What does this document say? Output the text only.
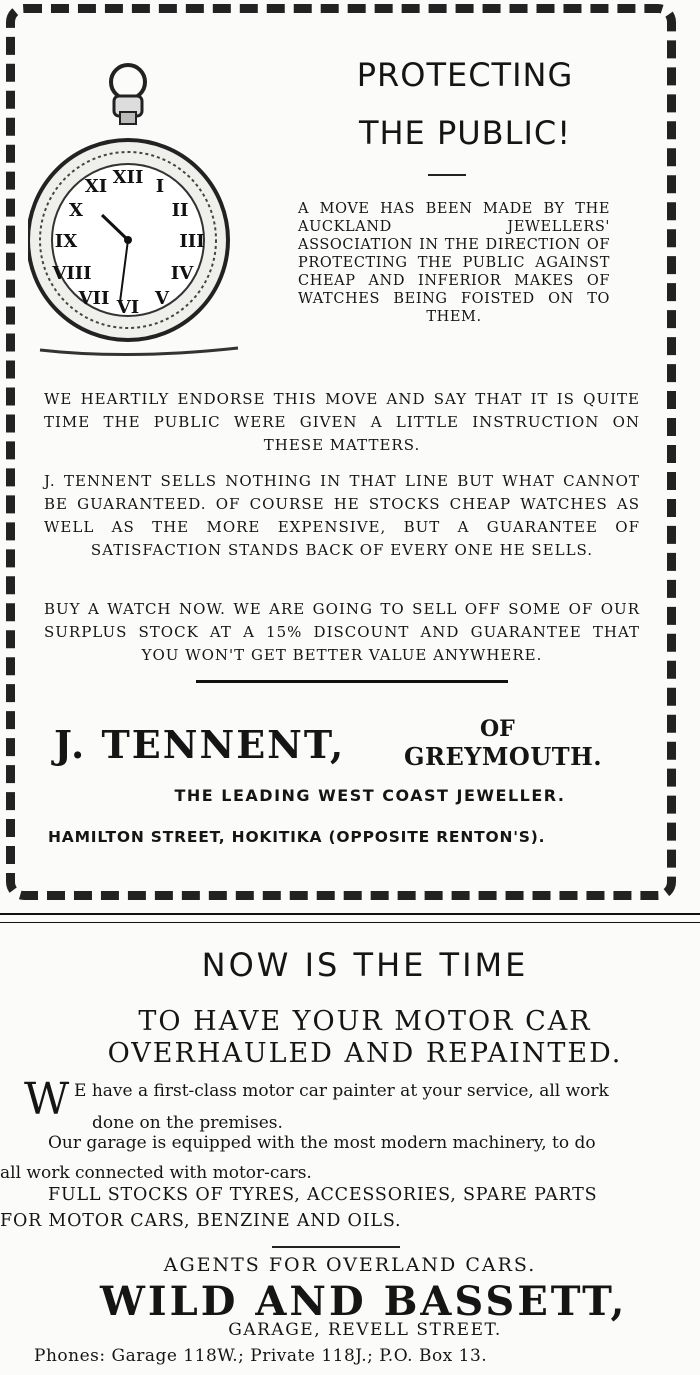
XII I
II
III
IV
V
VI
VII
VIII
IX
X
XI
PROTECTING
THE PUBLIC!

A MOVE HAS BEEN MADE BY THE AUCKLAND JEWELLERS' ASSOCIATION IN THE DIRECTION OF PROTECTING THE PUBLIC AGAINST CHEAP AND INFERIOR MAKES OF WATCHES BEING FOISTED ON TO THEM.

WE HEARTILY ENDORSE THIS MOVE AND SAY THAT IT IS QUITE TIME THE PUBLIC WERE GIVEN A LITTLE INSTRUCTION ON THESE MATTERS.

J. TENNENT SELLS NOTHING IN THAT LINE BUT WHAT CANNOT BE GUARANTEED. OF COURSE HE STOCKS CHEAP WATCHES AS WELL AS THE MORE EXPENSIVE, BUT A GUARANTEE OF SATISFACTION STANDS BACK OF EVERY ONE HE SELLS.

BUY A WATCH NOW. WE ARE GOING TO SELL OFF SOME OF OUR SURPLUS STOCK AT A 15% DISCOUNT AND GUARANTEE THAT YOU WON'T GET BETTER VALUE ANYWHERE.

J. TENNENT,	OF

GREYMOUTH.

THE LEADING WEST COAST JEWELLER.

HAMILTON STREET, HOKITIKA (OPPOSITE RENTON'S).

NOW IS THE TIME
TO HAVE YOUR MOTOR CAR
OVERHAULED AND REPAINTED.

W E have a first-class motor car painter at your service, all work

done on the premises.

Our garage is equipped with the most modern machinery, to do

all work connected with motor-cars.

FULL STOCKS OF TYRES, ACCESSORIES, SPARE PARTS

FOR MOTOR CARS, BENZINE AND OILS.

AGENTS FOR OVERLAND CARS.

WILD AND BASSETT,

GARAGE, REVELL STREET.

Phones: Garage 118W.; Private 118J.; P.O. Box 13.
